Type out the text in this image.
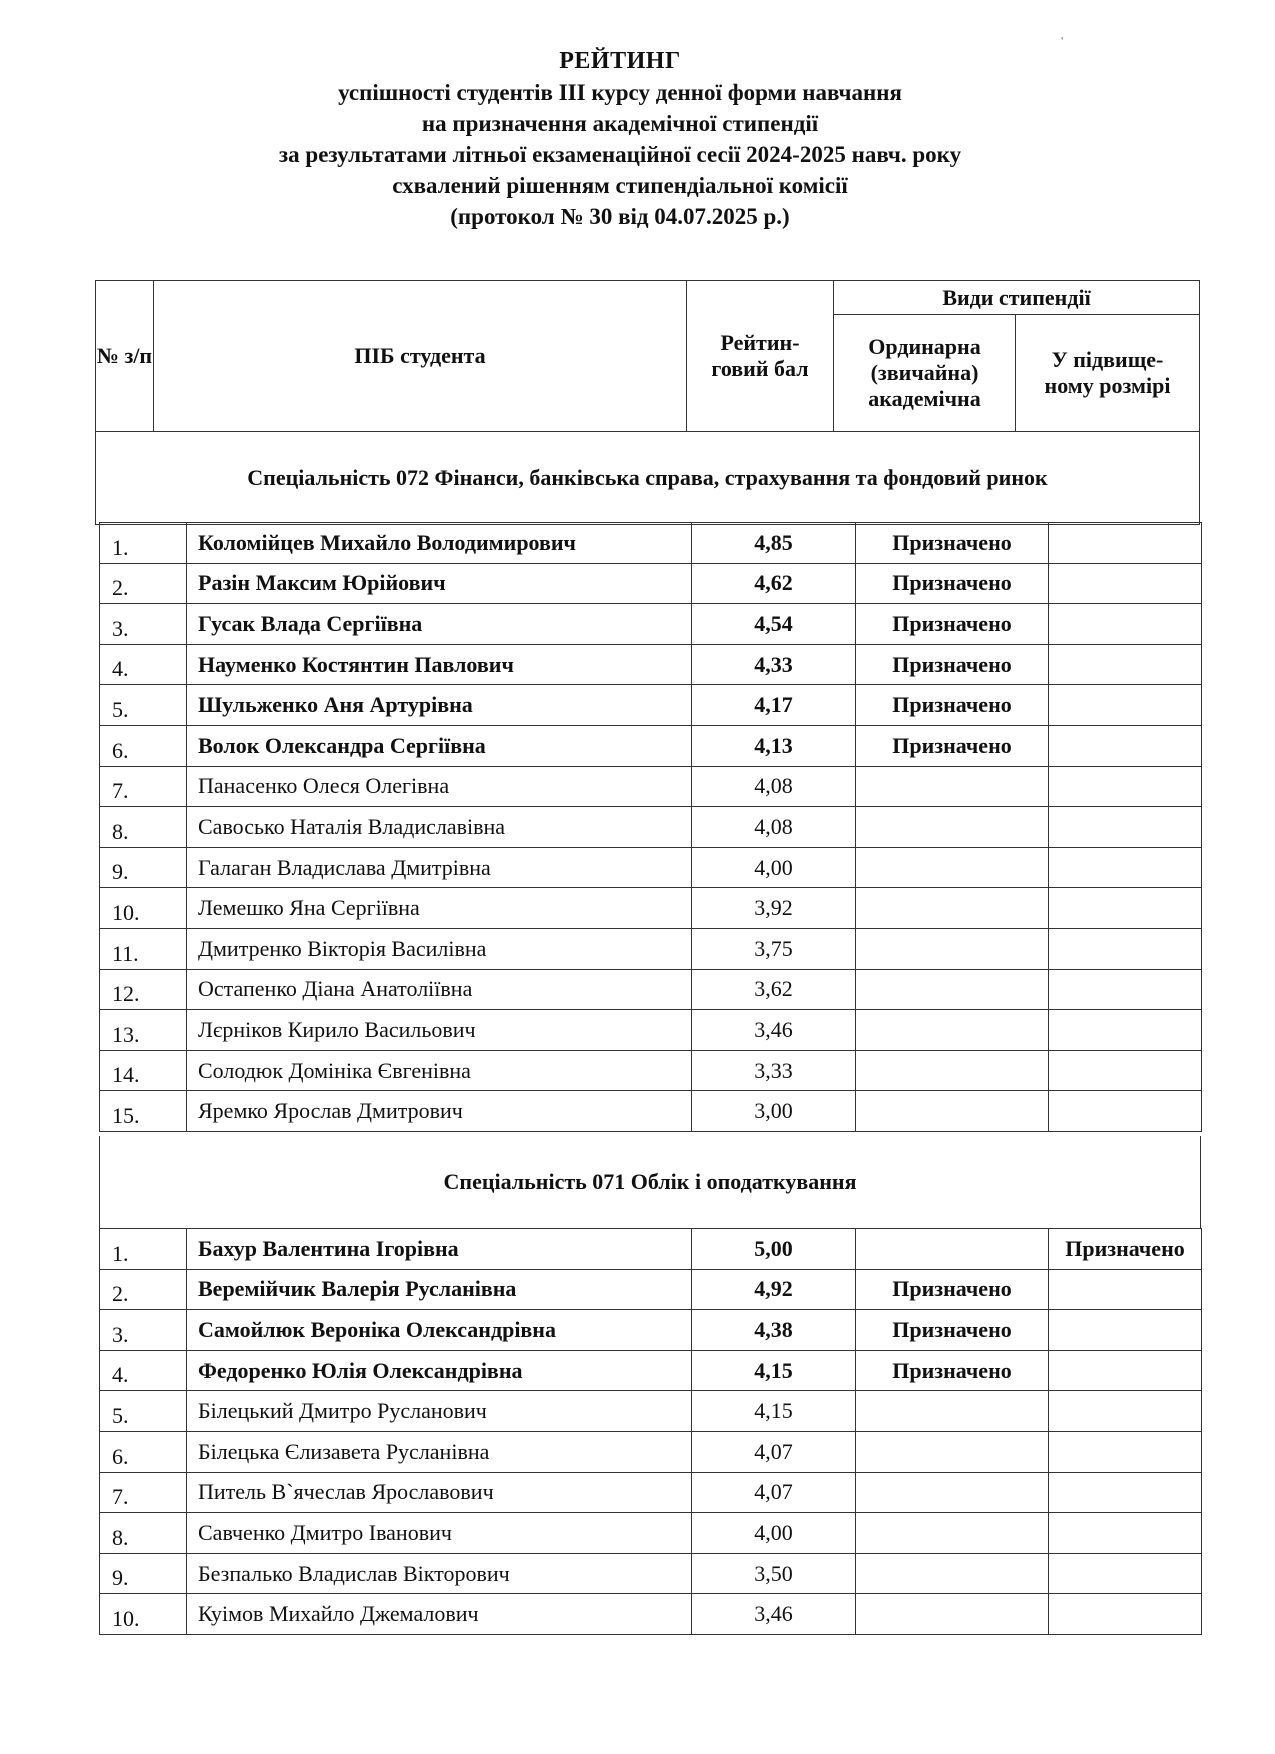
РЕЙТИНГ
успішності студентів III курсу денної форми навчання
на призначення академічної стипендії
за результатами літньої екзаменаційної сесії 2024-2025 навч. року
схвалений рішенням стипендіальної комісії
(протокол № 30 від 04.07.2025 р.)
№ з/п	ПІБ студента	Рейтин-говий бал	Види стипендії	
			Ординарна (звичайна) академічна	У підвище-ному розмірі
Спеціальність 072 Фінанси, банківська справа, страхування та фондовий ринок				
1.	Коломійцев Михайло Володимирович	4,85	Призначено	
2.	Разін Максим Юрійович	4,62	Призначено	
3.	Гусак Влада Сергіївна	4,54	Призначено	
4.	Науменко Костянтин Павлович	4,33	Призначено	
5.	Шульженко Аня Артурівна	4,17	Призначено	
6.	Волок Олександра Сергіївна	4,13	Призначено	
7.	Панасенко Олеся Олегівна	4,08		
8.	Савосько Наталія Владиславівна	4,08		
9.	Галаган Владислава Дмитрівна	4,00		
10.	Лемешко Яна Сергіївна	3,92		
11.	Дмитренко Вікторія Василівна	3,75		
12.	Остапенко Діана Анатоліївна	3,62		
13.	Лєрніков Кирило Васильович	3,46		
14.	Солодюк Домініка Євгенівна	3,33		
15.	Яремко Ярослав Дмитрович	3,00		
Спеціальність 071 Облік і оподаткування
1.	Бахур Валентина Ігорівна	5,00		Призначено
2.	Веремійчик Валерія Русланівна	4,92	Призначено	
3.	Самойлюк Вероніка Олександрівна	4,38	Призначено	
4.	Федоренко Юлія Олександрівна	4,15	Призначено	
5.	Білецький Дмитро Русланович	4,15		
6.	Білецька Єлизавета Русланівна	4,07		
7.	Питель В`ячеслав Ярославович	4,07		
8.	Савченко Дмитро Іванович	4,00		
9.	Безпалько Владислав Вікторович	3,50		
10.	Куімов Михайло Джемалович	3,46		
ʻ
